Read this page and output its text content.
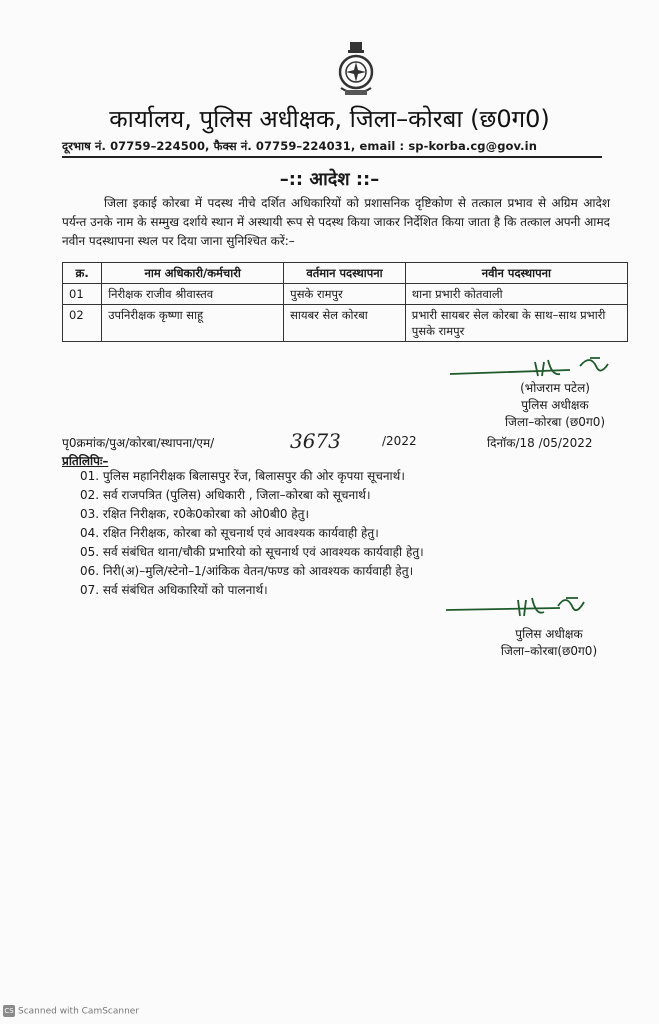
कार्यालय, पुलिस अधीक्षक, जिला–कोरबा (छ0ग0)
दूरभाष नं. 07759–224500, फैक्स नं. 07759–224031, email : sp-korba.cg@gov.in
–:: आदेश ::–
जिला इकाई कोरबा में पदस्थ नीचे दर्शित अधिकारियों को प्रशासनिक दृष्टिकोण से तत्काल प्रभाव से अग्रिम आदेश पर्यन्त उनके नाम के सम्मुख दर्शाये स्थान में अस्थायी रूप से पदस्थ किया जाकर निर्देशित किया जाता है कि तत्काल अपनी आमद नवीन पदस्थापना स्थल पर दिया जाना सुनिश्चित करें:–
क्र.	नाम अधिकारी/कर्मचारी	वर्तमान पदस्थापना	नवीन पदस्थापना
01	निरीक्षक राजीव श्रीवास्तव	पुसके रामपुर	थाना प्रभारी कोतवाली
02	उपनिरीक्षक कृष्णा साहू	सायबर सेल कोरबा	प्रभारी सायबर सेल कोरबा के साथ–साथ प्रभारी पुसके रामपुर
(भोजराम पटेल)
पुलिस अधीक्षक
जिला–कोरबा (छ0ग0)
पृ0क्रमांक/पुअ/कोरबा/स्थापना/एम/	3673	/2022	दिनॉक/18 /05/2022
प्रतिलिपिः–
01. पुलिस महानिरीक्षक बिलासपुर रेंज, बिलासपुर की ओर कृपया सूचनार्थ।
02. सर्व राजपत्रित (पुलिस) अधिकारी , जिला–कोरबा को सूचनार्थ।
03. रक्षित निरीक्षक, र0के0कोरबा को ओ0बी0 हेतु।
04. रक्षित निरीक्षक, कोरबा को सूचनार्थ एवं आवश्यक कार्यवाही हेतु।
05. सर्व संबंधित थाना/चौकी प्रभारियो को सूचनार्थ एवं आवश्यक कार्यवाही हेतु।
06. निरी(अ)–मुलि/स्टेनो–1/आंकिक वेतन/फण्ड को आवश्यक कार्यवाही हेतु।
07. सर्व संबंधित अधिकारियों को पालनार्थ।
पुलिस अधीक्षक
जिला–कोरबा(छ0ग0)
CS Scanned with CamScanner
